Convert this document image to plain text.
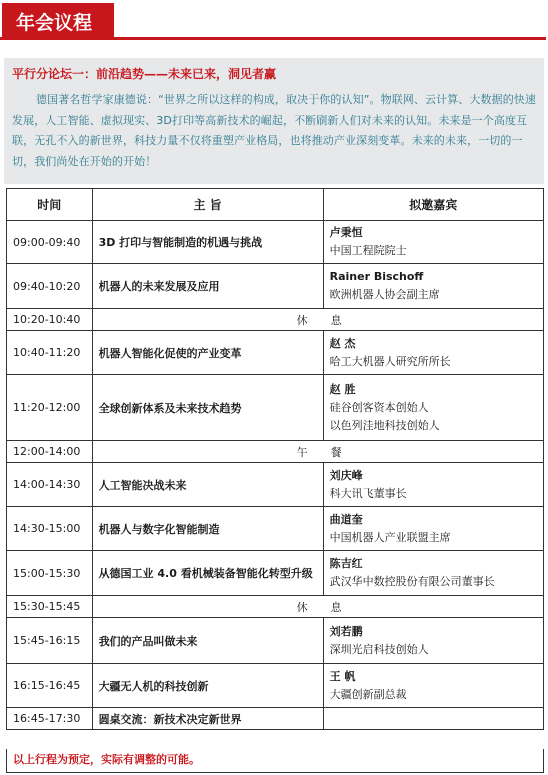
年会议程
平行分论坛一：前沿趋势——未来已来，洞见者赢
德国著名哲学家康德说：“世界之所以这样的构成，取决于你的认知”。物联网、云计算、大数据的快速发展，人工智能、虚拟现实、3D打印等高新技术的崛起，不断刷新人们对未来的认知。未来是一个高度互联，无孔不入的新世界，科技力量不仅将重塑产业格局，也将推动产业深刻变革。未来的未来，一切的一切，我们尚处在开始的开始！
时间	主 旨	拟邀嘉宾
09:00-09:40	3D 打印与智能制造的机遇与挑战	卢秉恒
中国工程院院士

09:40-10:20	机器人的未来发展及应用	Rainer Bischoff
欧洲机器人协会副主席

10:20-10:40	休 息	

10:40-11:20	机器人智能化促使的产业变革	赵 杰
哈工大机器人研究所所长

11:20-12:00	全球创新体系及未来技术趋势	赵 胜
硅谷创客资本创始人
以色列洼地科技创始人

12:00-14:00	午 餐	

14:00-14:30	人工智能决战未来	刘庆峰
科大讯飞董事长

14:30-15:00	机器人与数字化智能制造	曲道奎
中国机器人产业联盟主席

15:00-15:30	从德国工业 4.0 看机械装备智能化转型升级	陈吉红
武汉华中数控股份有限公司董事长

15:30-15:45	休 息	

15:45-16:15	我们的产品叫做未来	刘若鹏
深圳光启科技创始人

16:15-16:45	大疆无人机的科技创新	王 帆
大疆创新副总裁

16:45-17:30	圆桌交流：新技术决定新世界	
以上行程为预定，实际有调整的可能。
